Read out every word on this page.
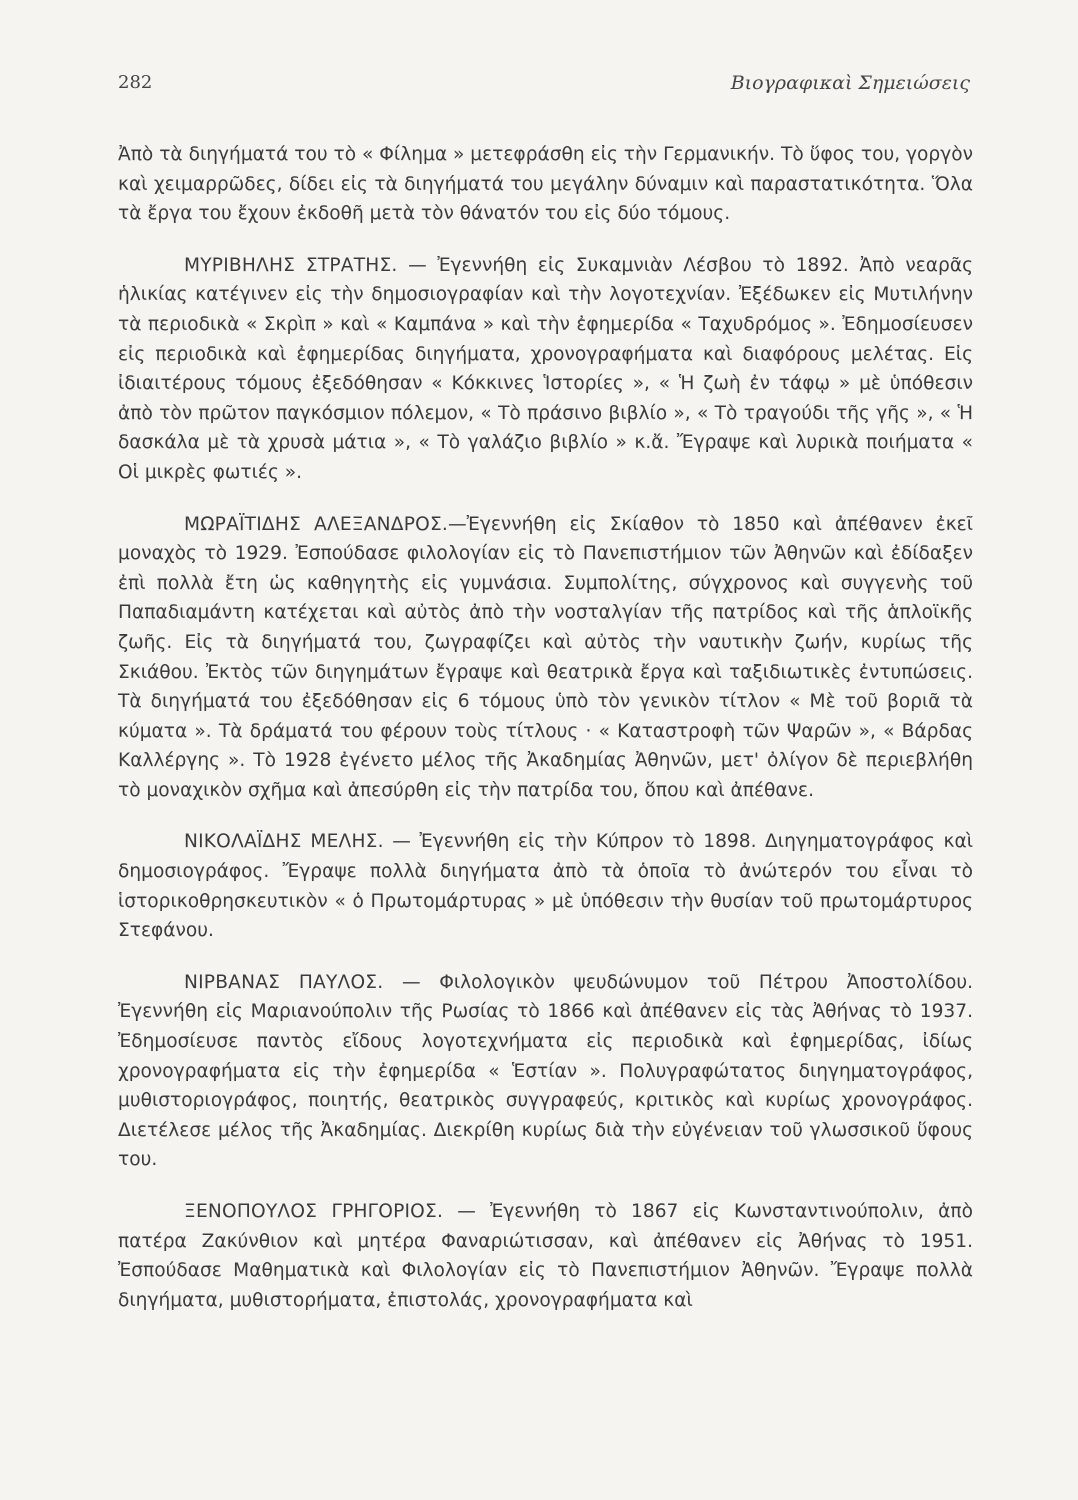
282	Βιογραφικαὶ Σημειώσεις

Ἀπὸ τὰ διηγήματά του τὸ « Φίλημα » μετεφράσθη εἰς τὴν Γερμανικήν. Τὸ ὕφος του, γοργὸν καὶ χειμαρρῶδες, δίδει εἰς τὰ διηγήματά του μεγάλην δύναμιν καὶ παραστατικότητα. Ὅλα τὰ ἔργα του ἔχουν ἐκδοθῆ μετὰ τὸν θάνατόν του εἰς δύο τόμους.

ΜΥΡΙΒΗΛΗΣ ΣΤΡΑΤΗΣ. — Ἐγεννήθη εἰς Συκαμνιὰν Λέσβου τὸ 1892. Ἀπὸ νεαρᾶς ἡλικίας κατέγινεν εἰς τὴν δημοσιογραφίαν καὶ τὴν λογοτεχνίαν. Ἐξέδωκεν εἰς Μυτιλήνην τὰ περιοδικὰ « Σκρὶπ » καὶ « Καμπάνα » καὶ τὴν ἐφημερίδα « Ταχυδρόμος ». Ἐδημοσίευσεν εἰς περιοδικὰ καὶ ἐφημερίδας διηγήματα, χρονογραφήματα καὶ διαφόρους μελέτας. Εἰς ἰδιαιτέρους τόμους ἐξεδόθησαν « Κόκκινες Ἱστορίες », « Ἡ ζωὴ ἐν τάφῳ » μὲ ὑπόθεσιν ἀπὸ τὸν πρῶτον παγκόσμιον πόλεμον, « Τὸ πράσινο βιβλίο », « Τὸ τραγούδι τῆς γῆς », « Ἡ δασκάλα μὲ τὰ χρυσὰ μάτια », « Τὸ γαλάζιο βιβλίο » κ.ἄ. Ἔγραψε καὶ λυρικὰ ποιήματα « Οἱ μικρὲς φωτιές ».

ΜΩΡΑΪΤΙΔΗΣ ΑΛΕΞΑΝΔΡΟΣ.—Ἐγεννήθη εἰς Σκίαθον τὸ 1850 καὶ ἀπέθανεν ἐκεῖ μοναχὸς τὸ 1929. Ἐσπούδασε φιλολογίαν εἰς τὸ Πανεπιστήμιον τῶν Ἀθηνῶν καὶ ἐδίδαξεν ἐπὶ πολλὰ ἔτη ὡς καθηγητὴς εἰς γυμνάσια. Συμπολίτης, σύγχρονος καὶ συγγενὴς τοῦ Παπαδιαμάντη κατέχεται καὶ αὐτὸς ἀπὸ τὴν νοσταλγίαν τῆς πατρίδος καὶ τῆς ἁπλοϊκῆς ζωῆς. Εἰς τὰ διηγήματά του, ζωγραφίζει καὶ αὐτὸς τὴν ναυτικὴν ζωήν, κυρίως τῆς Σκιάθου. Ἐκτὸς τῶν διηγημάτων ἔγραψε καὶ θεατρικὰ ἔργα καὶ ταξιδιωτικὲς ἐντυπώσεις. Τὰ διηγήματά του ἐξεδόθησαν εἰς 6 τόμους ὑπὸ τὸν γενικὸν τίτλον « Μὲ τοῦ βοριᾶ τὰ κύματα ». Τὰ δράματά του φέρουν τοὺς τίτλους · « Καταστροφὴ τῶν Ψαρῶν », « Βάρδας Καλλέργης ». Τὸ 1928 ἐγένετο μέλος τῆς Ἀκαδημίας Ἀθηνῶν, μετ' ὀλίγον δὲ περιεβλήθη τὸ μοναχικὸν σχῆμα καὶ ἀπεσύρθη εἰς τὴν πατρίδα του, ὅπου καὶ ἀπέθανε.

ΝΙΚΟΛΑΪΔΗΣ ΜΕΛΗΣ. — Ἐγεννήθη εἰς τὴν Κύπρον τὸ 1898. Διηγηματογράφος καὶ δημοσιογράφος. Ἔγραψε πολλὰ διηγήματα ἀπὸ τὰ ὁποῖα τὸ ἀνώτερόν του εἶναι τὸ ἱστορικοθρησκευτικὸν « ὁ Πρωτομάρτυρας » μὲ ὑπόθεσιν τὴν θυσίαν τοῦ πρωτομάρτυρος Στεφάνου.

ΝΙΡΒΑΝΑΣ ΠΑΥΛΟΣ. — Φιλολογικὸν ψευδώνυμον τοῦ Πέτρου Ἀποστολίδου. Ἐγεννήθη εἰς Μαριανούπολιν τῆς Ρωσίας τὸ 1866 καὶ ἀπέθανεν εἰς τὰς Ἀθήνας τὸ 1937. Ἐδημοσίευσε παντὸς εἴδους λογοτεχνήματα εἰς περιοδικὰ καὶ ἐφημερίδας, ἰδίως χρονογραφήματα εἰς τὴν ἐφημερίδα « Ἑστίαν ». Πολυγραφώτατος διηγηματογράφος, μυθιστοριογράφος, ποιητής, θεατρικὸς συγγραφεύς, κριτικὸς καὶ κυρίως χρονογράφος. Διετέλεσε μέλος τῆς Ἀκαδημίας. Διεκρίθη κυρίως διὰ τὴν εὐγένειαν τοῦ γλωσσικοῦ ὕφους του.

ΞΕΝΟΠΟΥΛΟΣ ΓΡΗΓΟΡΙΟΣ. — Ἐγεννήθη τὸ 1867 εἰς Κωνσταντινούπολιν, ἀπὸ πατέρα Ζακύνθιον καὶ μητέρα Φαναριώτισσαν, καὶ ἀπέθανεν εἰς Ἀθήνας τὸ 1951. Ἐσπούδασε Μαθηματικὰ καὶ Φιλολογίαν εἰς τὸ Πανεπιστήμιον Ἀθηνῶν. Ἔγραψε πολλὰ διηγήματα, μυθιστορήματα, ἐπιστολάς, χρονογραφήματα καὶ
